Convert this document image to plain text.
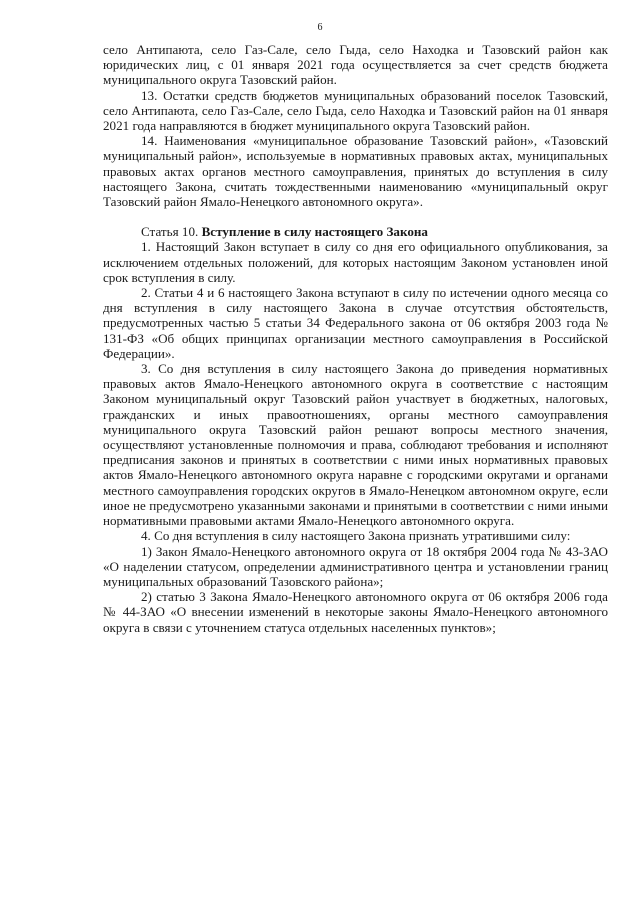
6

село Антипаюта, село Газ-Сале, село Гыда, село Находка и Тазовский район как юридических лиц, с 01 января 2021 года осуществляется за счет средств бюджета муниципального округа Тазовский район.

13. Остатки средств бюджетов муниципальных образований поселок Тазовский, село Антипаюта, село Газ-Сале, село Гыда, село Находка и Тазовский район на 01 января 2021 года направляются в бюджет муниципального округа Тазовский район.

14. Наименования «муниципальное образование Тазовский район», «Тазовский муниципальный район», используемые в нормативных правовых актах, муниципальных правовых актах органов местного самоуправления, принятых до вступления в силу настоящего Закона, считать тождественными наименованию «муниципальный округ Тазовский район Ямало-Ненецкого автономного округа».

Статья 10. Вступление в силу настоящего Закона

1. Настоящий Закон вступает в силу со дня его официального опубликования, за исключением отдельных положений, для которых настоящим Законом установлен иной срок вступления в силу.

2. Статьи 4 и 6 настоящего Закона вступают в силу по истечении одного месяца со дня вступления в силу настоящего Закона в случае отсутствия обстоятельств, предусмотренных частью 5 статьи 34 Федерального закона от 06 октября 2003 года № 131-ФЗ «Об общих принципах организации местного самоуправления в Российской Федерации».

3. Со дня вступления в силу настоящего Закона до приведения нормативных правовых актов Ямало-Ненецкого автономного округа в соответствие с настоящим Законом муниципальный округ Тазовский район участвует в бюджетных, налоговых, гражданских и иных правоотношениях, органы местного самоуправления муниципального округа Тазовский район решают вопросы местного значения, осуществляют установленные полномочия и права, соблюдают требования и исполняют предписания законов и принятых в соответствии с ними иных нормативных правовых актов Ямало-Ненецкого автономного округа наравне с городскими округами и органами местного самоуправления городских округов в Ямало-Ненецком автономном округе, если иное не предусмотрено указанными законами и принятыми в соответствии с ними иными нормативными правовыми актами Ямало-Ненецкого автономного округа.

4. Со дня вступления в силу настоящего Закона признать утратившими силу:

1) Закон Ямало-Ненецкого автономного округа от 18 октября 2004 года № 43-ЗАО «О наделении статусом, определении административного центра и установлении границ муниципальных образований Тазовского района»;

2) статью 3 Закона Ямало-Ненецкого автономного округа от 06 октября 2006 года № 44-ЗАО «О внесении изменений в некоторые законы Ямало-Ненецкого автономного округа в связи с уточнением статуса отдельных населенных пунктов»;
